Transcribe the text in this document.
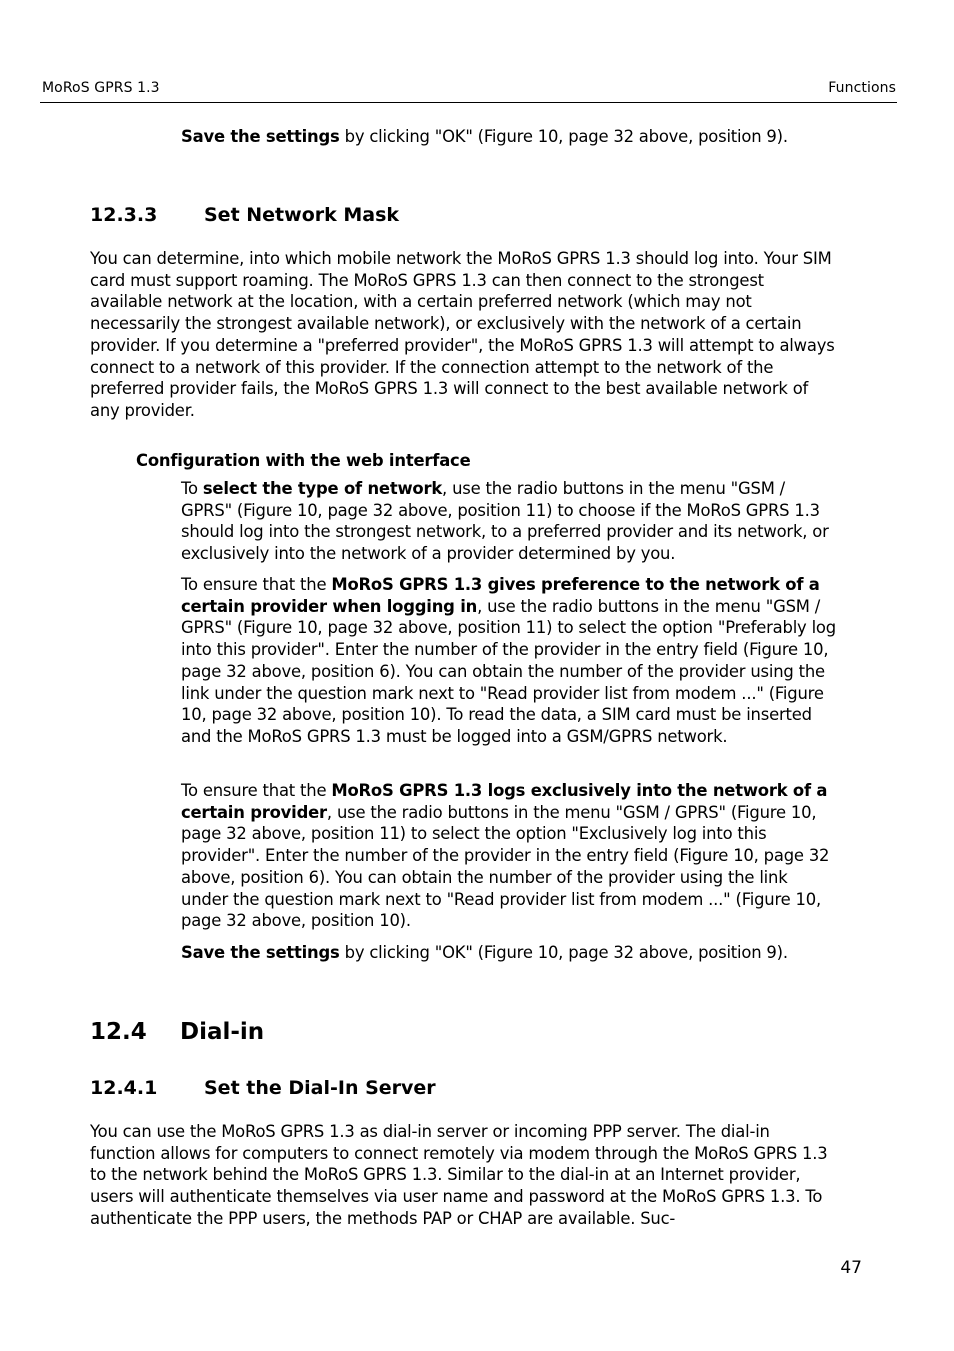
MoRoS GPRS 1.3	Functions
Save the settings by clicking "OK" (Figure 10, page 32 above, position 9).
12.3.3 Set Network Mask
You can determine, into which mobile network the MoRoS GPRS 1.3 should log into. Your SIM card must support roaming. The MoRoS GPRS 1.3 can then connect to the strongest available network at the location, with a certain preferred network (which may not necessarily the strongest available network), or exclusively with the network of a certain provider. If you determine a "preferred provider", the MoRoS GPRS 1.3 will attempt to always connect to a network of this provider. If the connection attempt to the network of the preferred provider fails, the MoRoS GPRS 1.3 will connect to the best available network of any provider.
Configuration with the web interface
To select the type of network, use the radio buttons in the menu "GSM / GPRS" (Figure 10, page 32 above, position 11) to choose if the MoRoS GPRS 1.3 should log into the strongest network, to a preferred provider and its network, or exclusively into the network of a provider determined by you.
To ensure that the MoRoS GPRS 1.3 gives preference to the network of a certain provider when logging in, use the radio buttons in the menu "GSM / GPRS" (Figure 10, page 32 above, position 11) to select the option "Preferably log into this provider". Enter the number of the provider in the entry field (Figure 10, page 32 above, position 6). You can obtain the number of the provider using the link under the question mark next to "Read provider list from modem ..." (Figure 10, page 32 above, position 10). To read the data, a SIM card must be inserted and the MoRoS GPRS 1.3 must be logged into a GSM/GPRS network.
To ensure that the MoRoS GPRS 1.3 logs exclusively into the network of a certain provider, use the radio buttons in the menu "GSM / GPRS" (Figure 10, page 32 above, position 11) to select the option "Exclusively log into this provider". Enter the number of the provider in the entry field (Figure 10, page 32 above, position 6). You can obtain the number of the provider using the link under the question mark next to "Read provider list from modem ..." (Figure 10, page 32 above, position 10).
Save the settings by clicking "OK" (Figure 10, page 32 above, position 9).
12.4 Dial-in
12.4.1 Set the Dial-In Server
You can use the MoRoS GPRS 1.3 as dial-in server or incoming PPP server. The dial-in function allows for computers to connect remotely via modem through the MoRoS GPRS 1.3 to the network behind the MoRoS GPRS 1.3. Similar to the dial-in at an Internet provider, users will authenticate themselves via user name and password at the MoRoS GPRS 1.3. To authenticate the PPP users, the methods PAP or CHAP are available. Suc-
47
